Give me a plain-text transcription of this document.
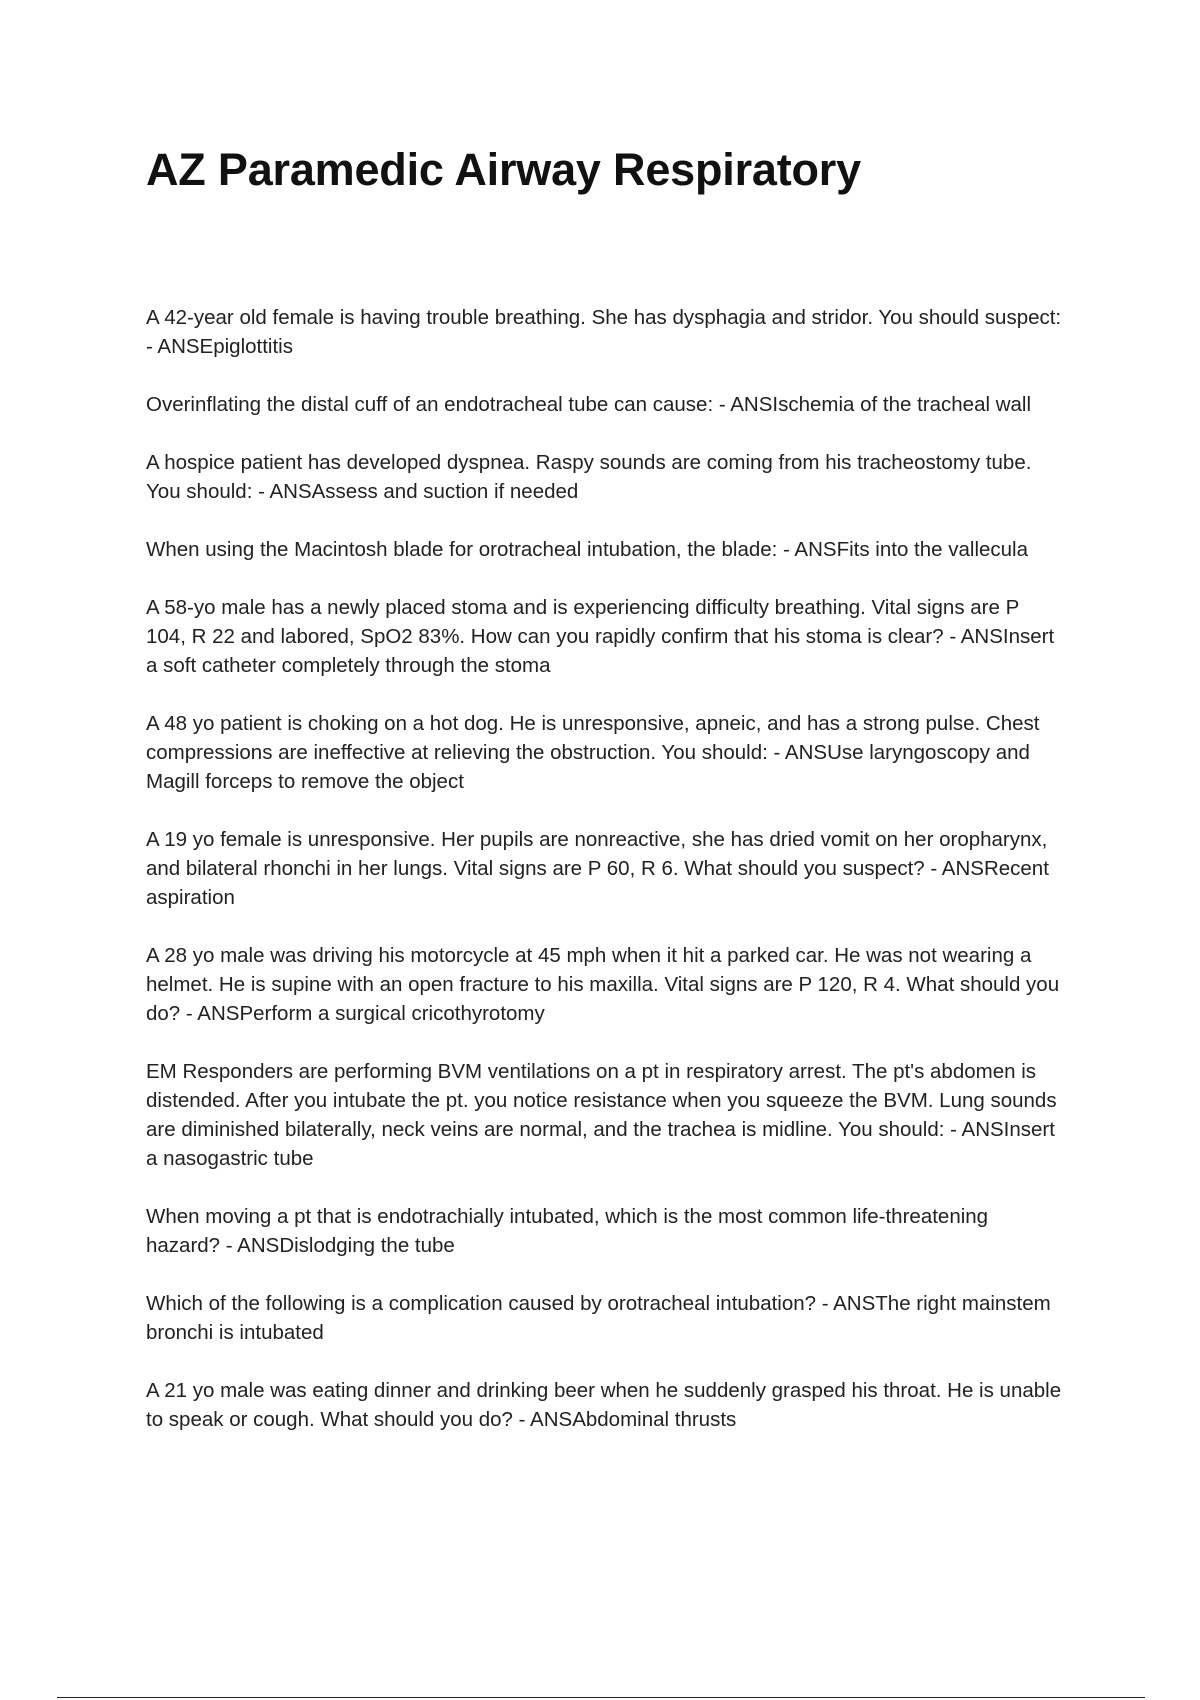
AZ Paramedic Airway Respiratory
A 42-year old female is having trouble breathing. She has dysphagia and stridor. You should suspect: - ANSEpiglottitis
Overinflating the distal cuff of an endotracheal tube can cause: - ANSIschemia of the tracheal wall
A hospice patient has developed dyspnea. Raspy sounds are coming from his tracheostomy tube. You should: - ANSAssess and suction if needed
When using the Macintosh blade for orotracheal intubation, the blade: - ANSFits into the vallecula
A 58-yo male has a newly placed stoma and is experiencing difficulty breathing. Vital signs are P 104, R 22 and labored, SpO2 83%. How can you rapidly confirm that his stoma is clear? - ANSInsert a soft catheter completely through the stoma
A 48 yo patient is choking on a hot dog. He is unresponsive, apneic, and has a strong pulse. Chest compressions are ineffective at relieving the obstruction. You should: - ANSUse laryngoscopy and Magill forceps to remove the object
A 19 yo female is unresponsive. Her pupils are nonreactive, she has dried vomit on her oropharynx, and bilateral rhonchi in her lungs. Vital signs are P 60, R 6. What should you suspect? - ANSRecent aspiration
A 28 yo male was driving his motorcycle at 45 mph when it hit a parked car. He was not wearing a helmet. He is supine with an open fracture to his maxilla. Vital signs are P 120, R 4. What should you do? - ANSPerform a surgical cricothyrotomy
EM Responders are performing BVM ventilations on a pt in respiratory arrest. The pt's abdomen is distended. After you intubate the pt. you notice resistance when you squeeze the BVM. Lung sounds are diminished bilaterally, neck veins are normal, and the trachea is midline. You should: - ANSInsert a nasogastric tube
When moving a pt that is endotrachially intubated, which is the most common life-threatening hazard? - ANSDislodging the tube
Which of the following is a complication caused by orotracheal intubation? - ANSThe right mainstem bronchi is intubated
A 21 yo male was eating dinner and drinking beer when he suddenly grasped his throat. He is unable to speak or cough. What should you do? - ANSAbdominal thrusts
